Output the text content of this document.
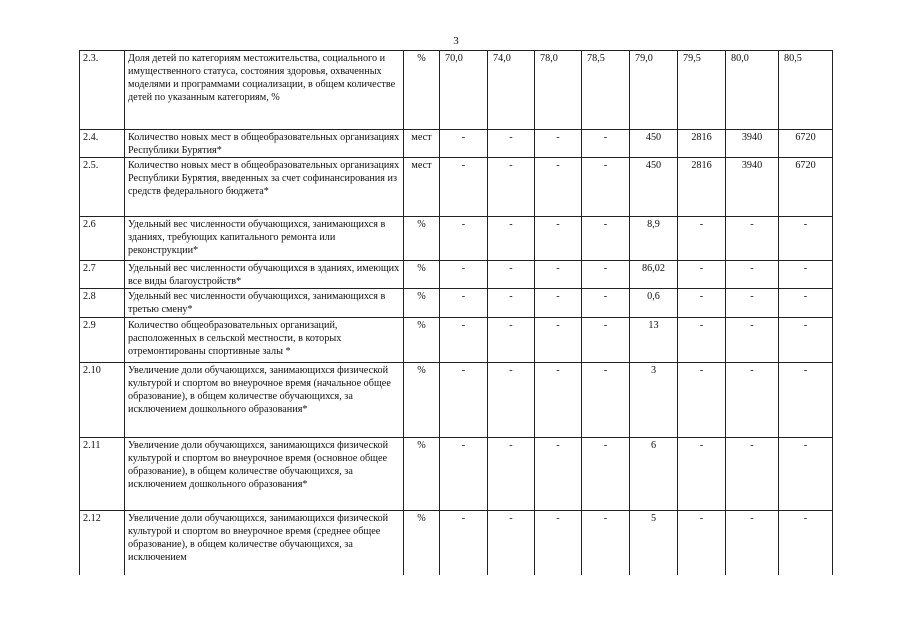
3
2.3.	Доля детей по категориям местожительства, социального и имущественного статуса, состояния здоровья, охваченных моделями и программами социализации, в общем количестве детей по указанным категориям, %	%	70,0	74,0	78,0	78,5	79,0	79,5	80,0	80,5
2.4.	Количество новых мест в общеобразовательных организациях Республики Бурятия*	мест	-	-	-	-	450	2816	3940	6720
2.5.	Количество новых мест в общеобразовательных организациях Республики Бурятия, введенных за счет софинансирования из средств федерального бюджета*	мест	-	-	-	-	450	2816	3940	6720
2.6	Удельный вес численности обучающихся, занимающихся в зданиях, требующих капитального ремонта или реконструкции*	%	-	-	-	-	8,9	-	-	-
2.7	Удельный вес численности обучающихся в зданиях, имеющих все виды благоустройств*	%	-	-	-	-	86,02	-	-	-
2.8	Удельный вес численности обучающихся, занимающихся в третью смену*	%	-	-	-	-	0,6	-	-	-
2.9	Количество общеобразовательных организаций, расположенных в сельской местности, в которых отремонтированы спортивные залы *	%	-	-	-	-	13	-	-	-
2.10	Увеличение доли обучающихся, занимающихся физической культурой и спортом во внеурочное время (начальное общее образование), в общем количестве обучающихся, за исключением дошкольного образования*	%	-	-	-	-	3	-	-	-
2.11	Увеличение доли обучающихся, занимающихся физической культурой и спортом во внеурочное время (основное общее образование), в общем количестве обучающихся, за исключением дошкольного образования*	%	-	-	-	-	6	-	-	-
2.12	Увеличение доли обучающихся, занимающихся физической культурой и спортом во внеурочное время (среднее общее образование), в общем количестве обучающихся, за исключением	%	-	-	-	-	5	-	-	-
